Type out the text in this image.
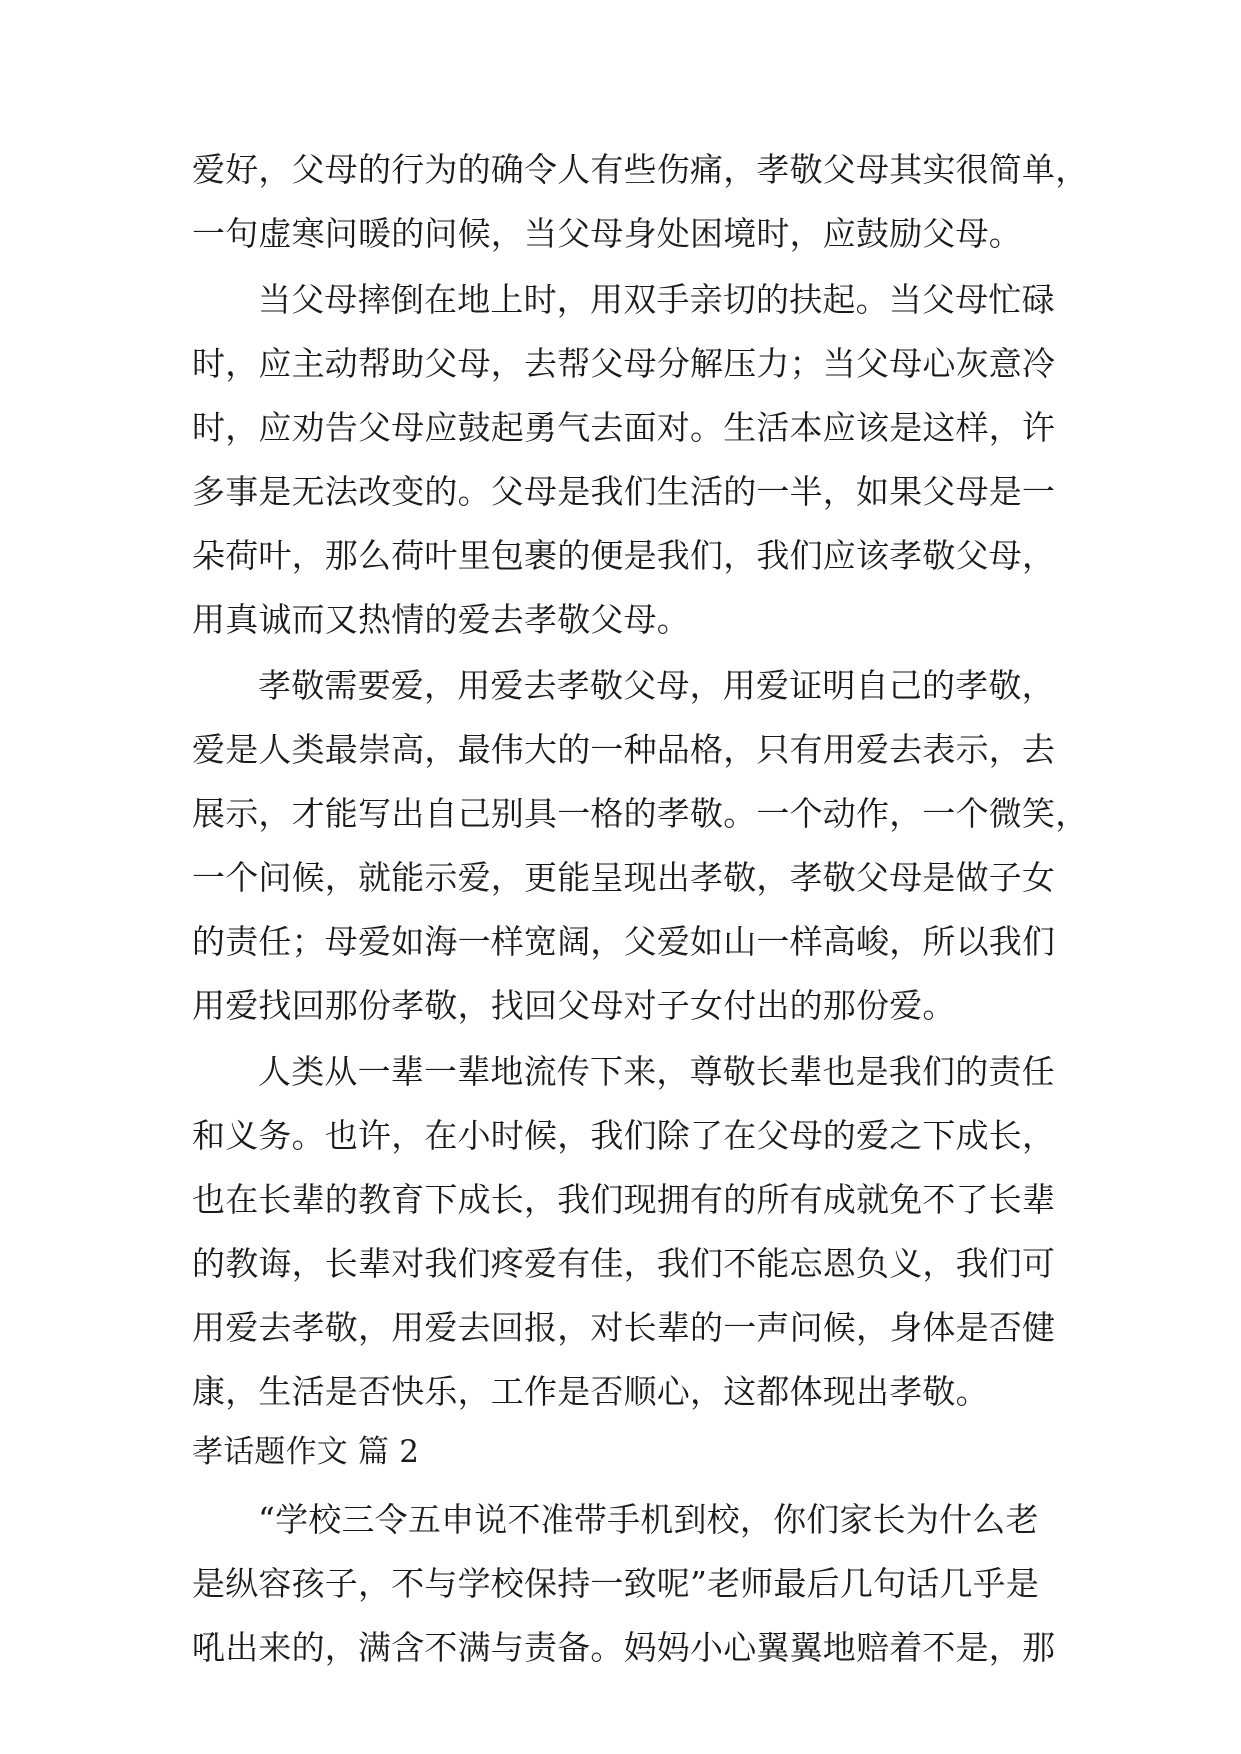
爱好，父母的行为的确令人有些伤痛，孝敬父母其实很简单，
一句虚寒问暖的问候，当父母身处困境时，应鼓励父母。
当父母摔倒在地上时，用双手亲切的扶起。当父母忙碌
时，应主动帮助父母，去帮父母分解压力；当父母心灰意冷
时，应劝告父母应鼓起勇气去面对。生活本应该是这样，许
多事是无法改变的。父母是我们生活的一半，如果父母是一
朵荷叶，那么荷叶里包裹的便是我们，我们应该孝敬父母，
用真诚而又热情的爱去孝敬父母。
孝敬需要爱，用爱去孝敬父母，用爱证明自己的孝敬，
爱是人类最崇高，最伟大的一种品格，只有用爱去表示，去
展示，才能写出自己别具一格的孝敬。一个动作，一个微笑，
一个问候，就能示爱，更能呈现出孝敬，孝敬父母是做子女
的责任；母爱如海一样宽阔，父爱如山一样高峻，所以我们
用爱找回那份孝敬，找回父母对子女付出的那份爱。
人类从一辈一辈地流传下来，尊敬长辈也是我们的责任
和义务。也许，在小时候，我们除了在父母的爱之下成长，
也在长辈的教育下成长，我们现拥有的所有成就免不了长辈
的教诲，长辈对我们疼爱有佳，我们不能忘恩负义，我们可
用爱去孝敬，用爱去回报，对长辈的一声问候，身体是否健
康，生活是否快乐，工作是否顺心，这都体现出孝敬。
孝话题作文 篇 2
“学校三令五申说不准带手机到校，你们家长为什么老
是纵容孩子，不与学校保持一致呢”老师最后几句话几乎是
吼出来的，满含不满与责备。妈妈小心翼翼地赔着不是，那
